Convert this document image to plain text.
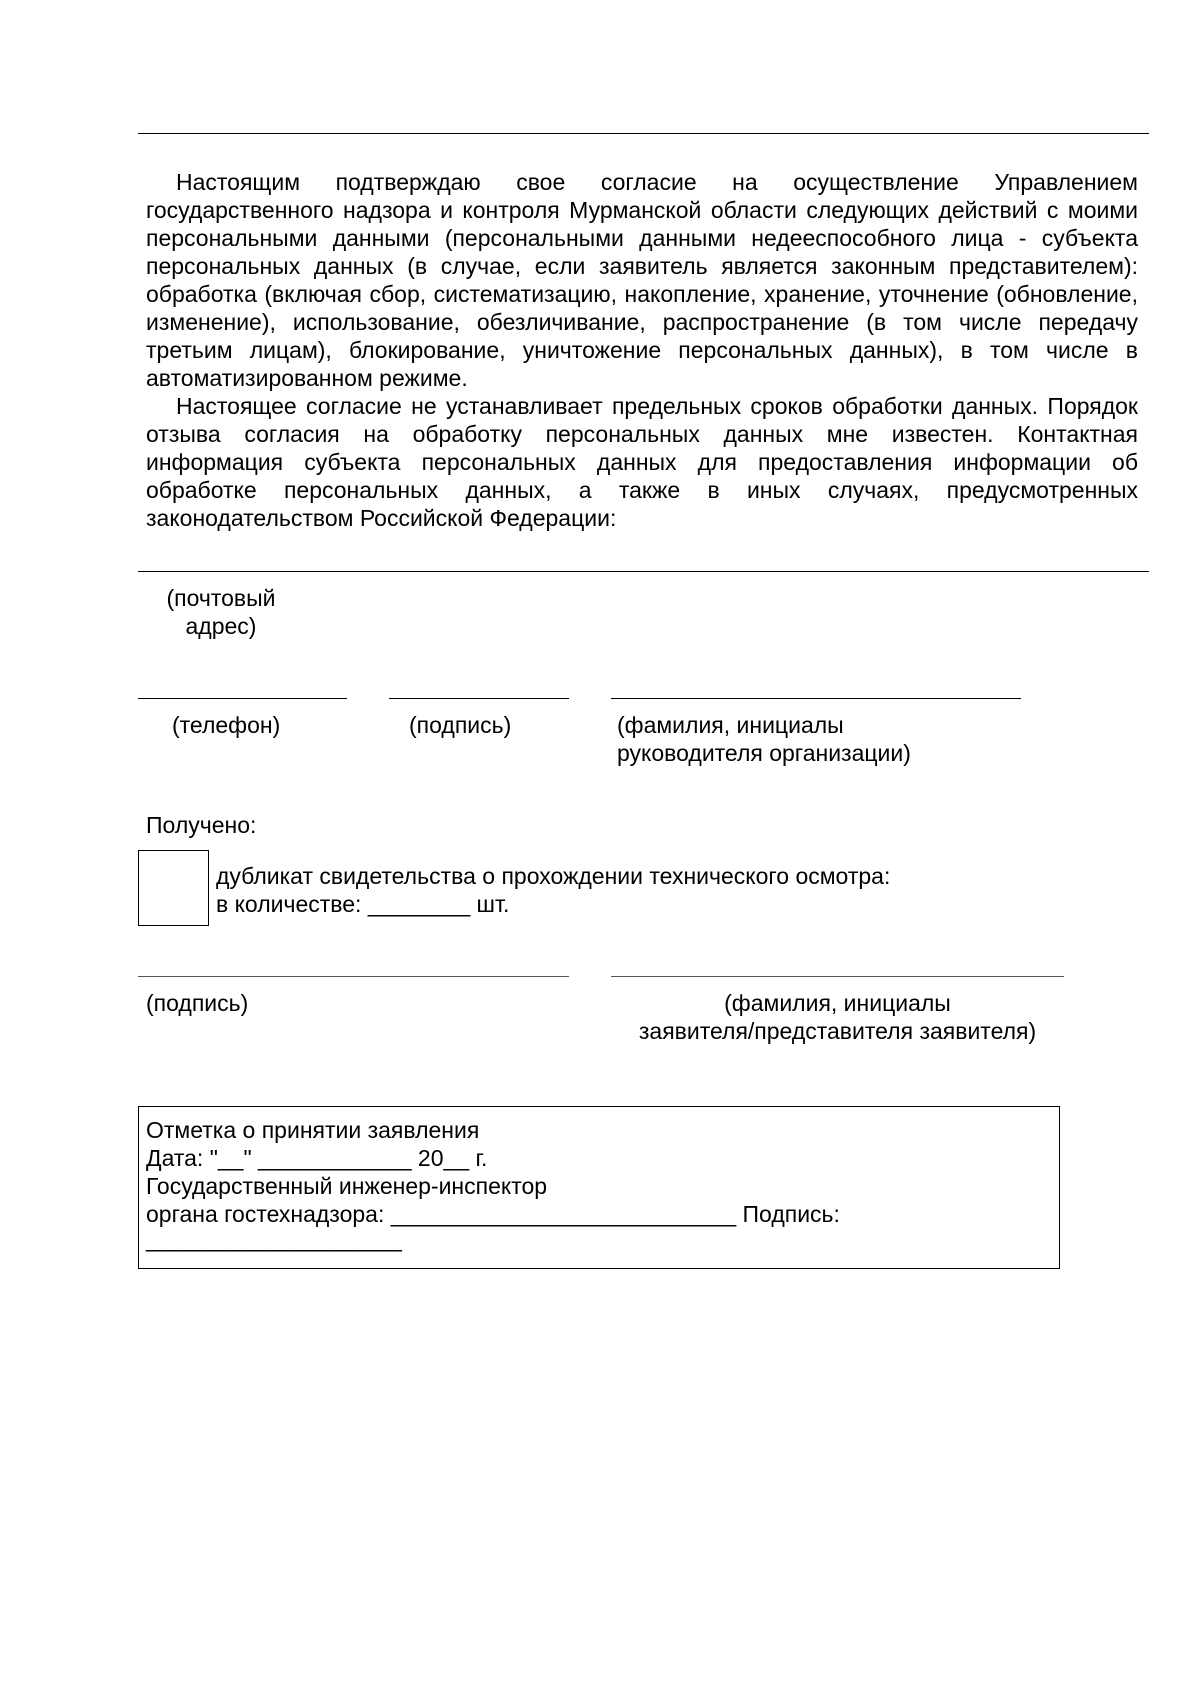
Настоящим подтверждаю свое согласие на осуществление Управлением государственного надзора и контроля Мурманской области следующих действий с моими персональными данными (персональными данными недееспособного лица - субъекта персональных данных (в случае, если заявитель является законным представителем): обработка (включая сбор, систематизацию, накопление, хранение, уточнение (обновление, изменение), использование, обезличивание, распространение (в том числе передачу третьим лицам), блокирование, уничтожение персональных данных), в том числе в автоматизированном режиме.

Настоящее согласие не устанавливает предельных сроков обработки данных. Порядок отзыва согласия на обработку персональных данных мне известен. Контактная информация субъекта персональных данных для предоставления информации об обработке персональных данных, а также в иных случаях, предусмотренных законодательством Российской Федерации:

(почтовый
адрес)
(телефон)	(подпись)	(фамилия, инициалы
руководителя организации)
Получено:
дубликат свидетельства о прохождении технического осмотра:
в количестве: ________ шт.
(подпись)	(фамилия, инициалы
заявителя/представителя заявителя)
Отметка о принятии заявления
Дата: "__" ____________ 20__ г.
Государственный инженер-инспектор
органа гостехнадзора: ___________________________ Подпись:
____________________
